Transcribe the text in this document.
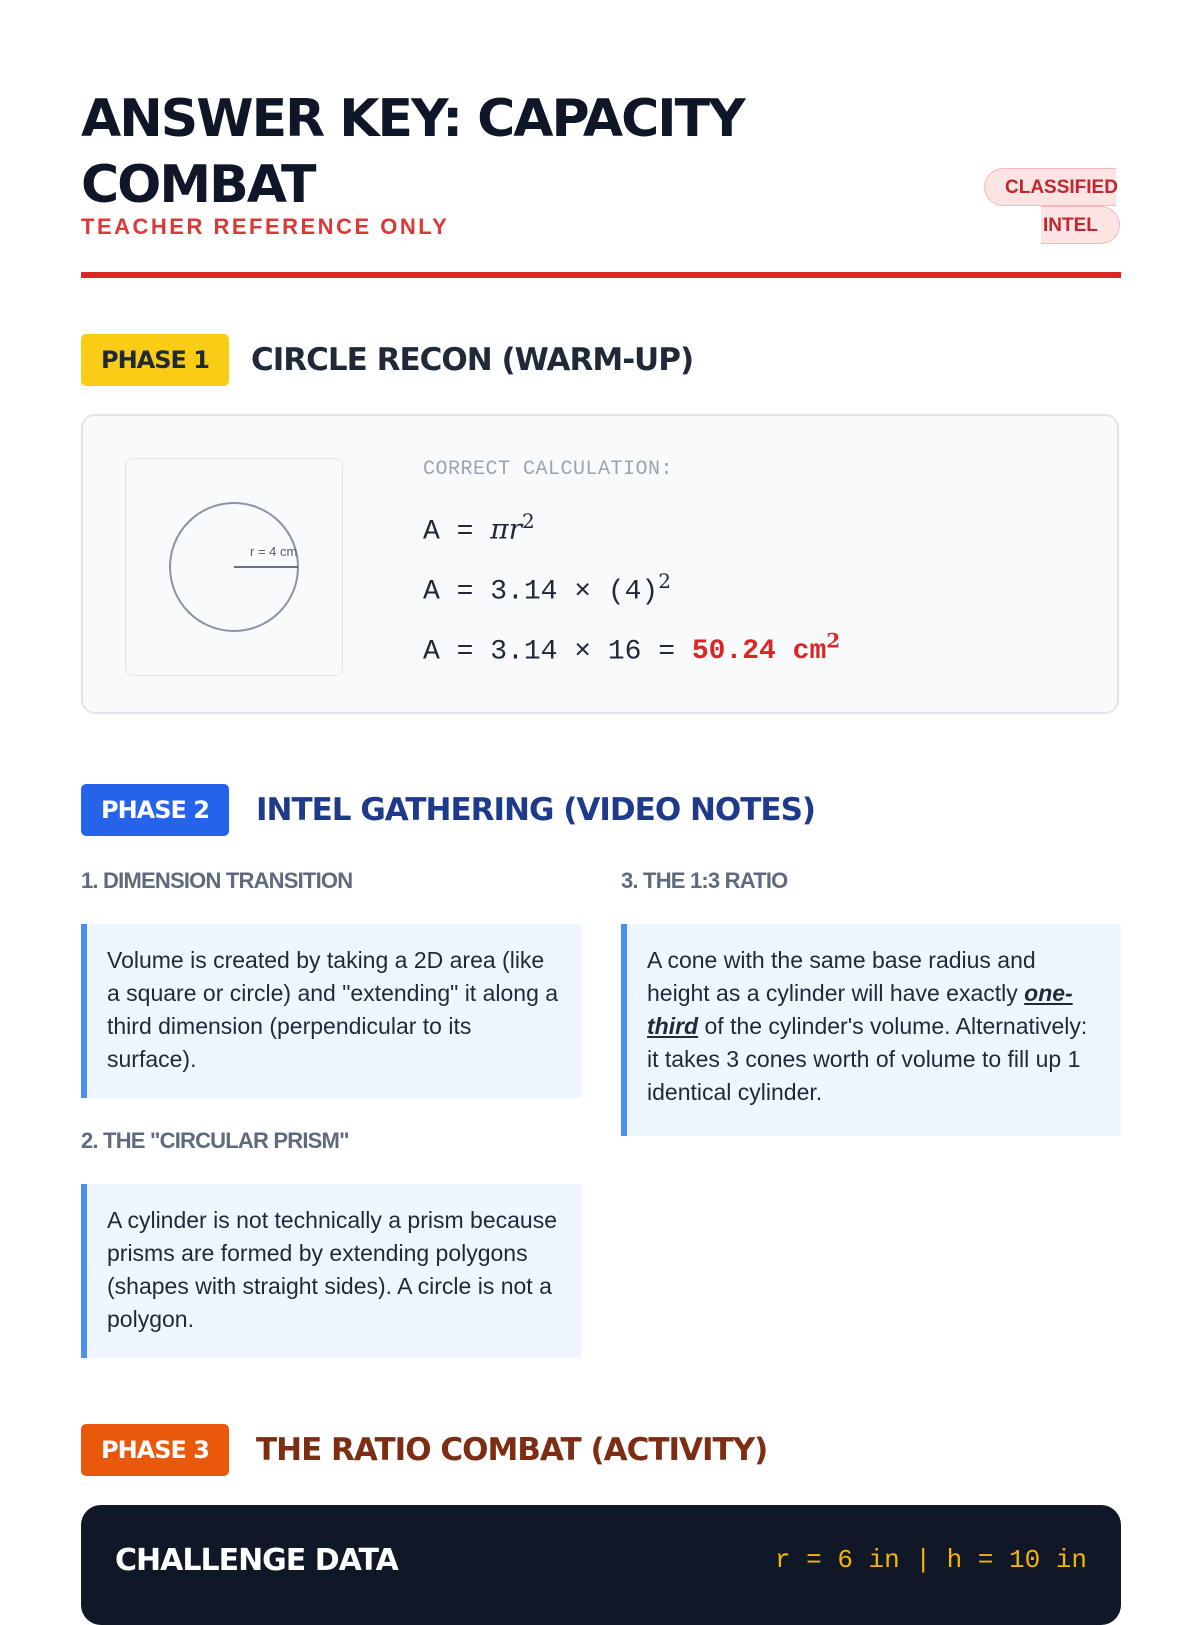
ANSWER KEY: CAPACITY COMBAT
TEACHER REFERENCE ONLY
CLASSIFIED
INTEL
PHASE 1	CIRCLE RECON (WARM-UP)
r = 4 cm
CORRECT CALCULATION:
$A = \pi r^2$
$A = 3.14 \times (4)^2$
A = 3.14 × 16 = 50.24 $cm^2$
PHASE 2	INTEL GATHERING (VIDEO NOTES)
1. DIMENSION TRANSITION
Volume is created by taking a 2D area (like a square or circle) and "extending" it along a third dimension (perpendicular to its surface).
2. THE "CIRCULAR PRISM"
A cylinder is not technically a prism because prisms are formed by extending polygons (shapes with straight sides). A circle is not a polygon.
3. THE 1:3 RATIO
A cone with the same base radius and height as a cylinder will have exactly one-third of the cylinder's volume. Alternatively: it takes 3 cones worth of volume to fill up 1 identical cylinder.
PHASE 3	THE RATIO COMBAT (ACTIVITY)
CHALLENGE DATA	r = 6 in | h = 10 in
